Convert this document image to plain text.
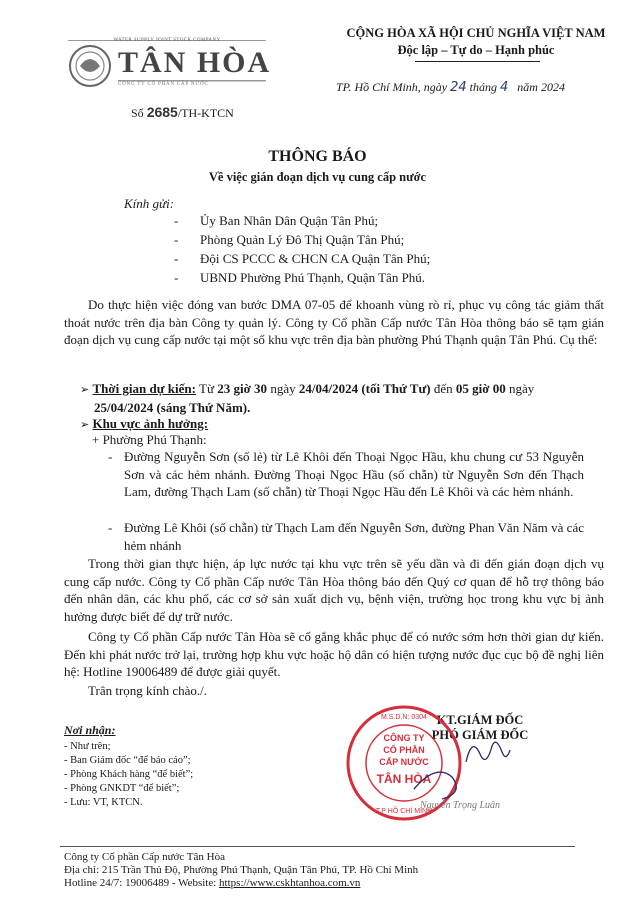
WATER SUPPLY JOINT STOCK COMPANY
TÂN HÒA
CÔNG TY CỔ PHẦN CẤP NƯỚC
Số 2685/TH-KTCN
CỘNG HÒA XÃ HỘI CHỦ NGHĨA VIỆT NAM
Độc lập – Tự do – Hạnh phúc
TP. Hồ Chí Minh, ngày 24 tháng 4 năm 2024
THÔNG BÁO
Về việc gián đoạn dịch vụ cung cấp nước
Kính gửi:
- Ủy Ban Nhân Dân Quận Tân Phú;
- Phòng Quản Lý Đô Thị Quận Tân Phú;
- Đội CS PCCC & CHCN CA Quận Tân Phú;
- UBND Phường Phú Thạnh, Quận Tân Phú.
Do thực hiện việc đóng van bước DMA 07-05 để khoanh vùng rò rỉ, phục vụ công tác giảm thất thoát nước trên địa bàn Công ty quản lý. Công ty Cổ phần Cấp nước Tân Hòa thông báo sẽ tạm gián đoạn dịch vụ cung cấp nước tại một số khu vực trên địa bàn phường Phú Thạnh quận Tân Phú. Cụ thể:
➢ Thời gian dự kiến: Từ 23 giờ 30 ngày 24/04/2024 (tối Thứ Tư) đến 05 giờ 00 ngày
25/04/2024 (sáng Thứ Năm).
➢ Khu vực ảnh hưởng:
+ Phường Phú Thạnh:
- Đường Nguyễn Sơn (số lẻ) từ Lê Khôi đến Thoại Ngọc Hầu, khu chung cư 53 Nguyễn Sơn và các hẻm nhánh. Đường Thoại Ngọc Hầu (số chẵn) từ Nguyễn Sơn đến Thạch Lam, đường Thạch Lam (số chẵn) từ Thoại Ngọc Hầu đến Lê Khôi và các hẻm nhánh.
- Đường Lê Khôi (số chẵn) từ Thạch Lam đến Nguyễn Sơn, đường Phan Văn Năm và các hẻm nhánh
Trong thời gian thực hiện, áp lực nước tại khu vực trên sẽ yếu dần và đi đến gián đoạn dịch vụ cung cấp nước. Công ty Cổ phần Cấp nước Tân Hòa thông báo đến Quý cơ quan để hỗ trợ thông báo đến nhân dân, các khu phố, các cơ sở sản xuất dịch vụ, bệnh viện, trường học trong khu vực bị ảnh hưởng được biết để dự trữ nước.
Công ty Cổ phần Cấp nước Tân Hòa sẽ cố gắng khắc phục để có nước sớm hơn thời gian dự kiến. Đến khi phát nước trở lại, trường hợp khu vực hoặc hộ dân có hiện tượng nước đục cục bộ đề nghị liên hệ: Hotline 19006489 để được giải quyết.
Trân trọng kính chào./.
Nơi nhận:
- Như trên;
- Ban Giám đốc “để báo cáo”;
- Phòng Khách hàng “để biết”;
- Phòng GNKDT “để biết”;
- Lưu: VT, KTCN.
KT.GIÁM ĐỐC
PHÓ GIÁM ĐỐC
CÔNG TY
CỔ PHẦN
CẤP NƯỚC
TÂN HÒA
M.S.D.N: 0304
T.P HỒ CHÍ MINH
Nguyễn Trọng Luân
Công ty Cổ phần Cấp nước Tân Hòa
Địa chỉ: 215 Trần Thủ Độ, Phường Phú Thạnh, Quận Tân Phú, TP. Hồ Chí Minh
Hotline 24/7: 19006489 - Website: https://www.cskhtanhoa.com.vn
